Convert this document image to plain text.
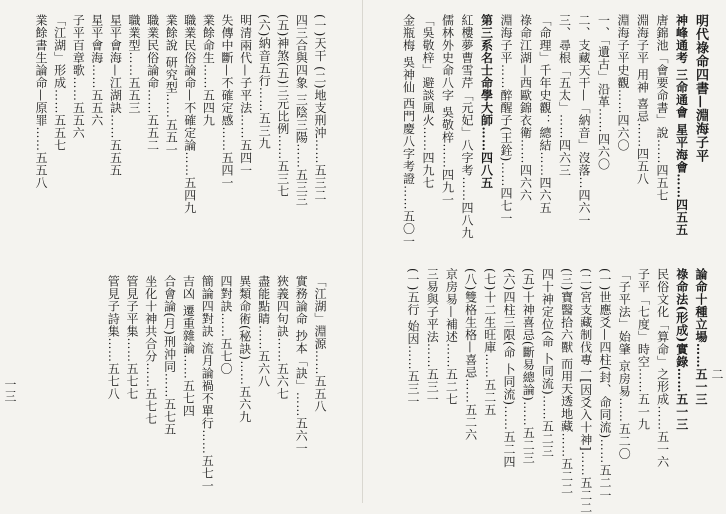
(一)天干 (二)地支刑沖……五三二
四三合與四象 三陰三陽……五三三
(五)神煞(五)三元比例……五三七
(六)納音五行……五三九
明清兩代—子平法……五四一
失傳中斷—不確定感……五四一
業餘命生……五四九
職業民俗論命—不確定論……五四九
業餘說 研究型……五五一
職業民俗論命……五五二
職業型……五五三
星平會海—江湖訣……五五五
星平會海……五五六
子平百章歌……五五六
「江湖」形成……五五七
業餘書生論命—原罪……五五八
「江湖」淵源……五五八
實務論命 抄本「訣」……五六一
狹義四句訣……五六七
盡能點睛……五六八
異類命術(秘訣)……五六九
四對訣……五七〇
簡論四對訣 流月論禍不單行……五七一
吉凶 遷重雜論……五七四
合會論(月)刑沖同……五七五
坐化十神共合分……五七七
管見子平集……五七七
管見子詩集……五七八
一三
明代祿命四書—淵海子平
神峰通考 三命通會 星平海會……四五五
唐錦池「會要命書」說……四五七
淵海子平 用神 喜忌……四五八
淵海子平史觀……四六〇
一、「遺古」沿革……四六〇
二、支藏天干—「納音」沒落…四六一
三、尋根「五太」……四六三
「命理」千年史觀：總結……四六五
祿命江湖—西歐錦衣衛……四六六
淵海子平……醉醒子(王銓)……四七一
第三系名士命學大師……四八五
紅樓夢曹雪芹「元妃」八字考……四八九
儒林外史命八字 吳敬梓……四九一
「吳敬梓」避談風火……四九七
金瓶梅 吳神仙 西門慶八字考證……五〇一
論命十種立場……五一三
祿命法(形成)實錄……五一三
民俗文化「算命」之形成……五一六
子平「七度」時空……五一九
「子平法」始肇 京房易……五二〇
(一)世應爻—四柱(封、命同流)……五二一
(二)宮支藏制伐專一[因爻入十神]……五二二
(三)寶醫拾六獸 而用天透地藏……五二二
四十神定位(命 卜同流)……五二三
(五)十神喜忌(斷易總論)……五二三
(六)四柱三限(命 卜同流)……五二四
(七)十二生旺庫……五二五
(八)雙格生格—喜忌……五二六
京房易—補述……五二七
三易與子平法……五三一
(一)五行 始因……五三一	二
